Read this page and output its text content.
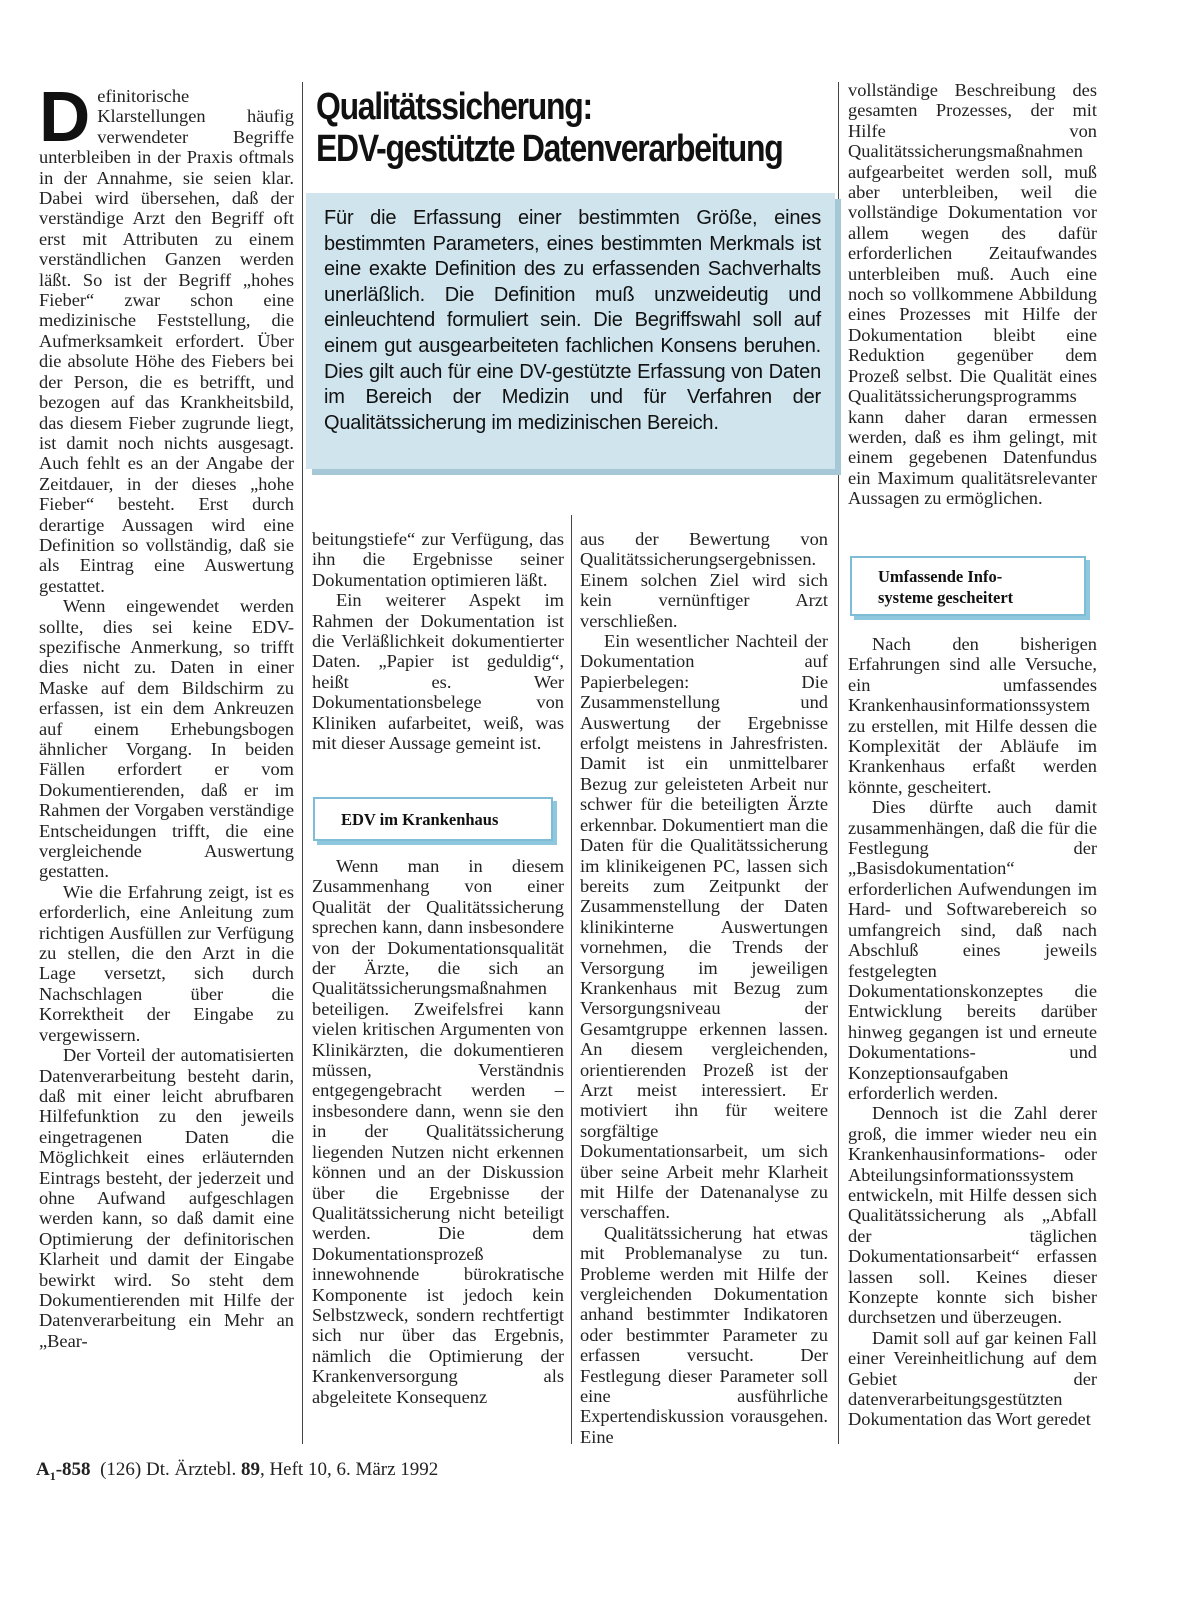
Qualitätssicherung:
EDV-gestützte Datenverarbeitung
Für die Erfassung einer bestimmten Größe, eines bestimmten Parameters, eines bestimmten Merkmals ist eine exakte Definition des zu erfassenden Sachverhalts unerläßlich. Die Definition muß unzweideutig und einleuchtend formuliert sein. Die Begriffswahl soll auf einem gut ausgearbeiteten fachlichen Konsens beruhen. Dies gilt auch für eine DV-gestützte Erfassung von Daten im Bereich der Medizin und für Verfahren der Qualitätssicherung im medizinischen Bereich.

Definitorische Klarstellungen häufig verwendeter Begriffe unterbleiben in der Praxis oftmals in der Annahme, sie seien klar. Dabei wird übersehen, daß der verständige Arzt den Begriff oft erst mit Attributen zu einem verständlichen Ganzen werden läßt. So ist der Begriff „hohes Fieber“ zwar schon eine medizinische Feststellung, die Aufmerksamkeit erfordert. Über die absolute Höhe des Fiebers bei der Person, die es betrifft, und bezogen auf das Krankheitsbild, das diesem Fieber zugrunde liegt, ist damit noch nichts ausgesagt. Auch fehlt es an der Angabe der Zeitdauer, in der dieses „hohe Fieber“ besteht. Erst durch derartige Aussagen wird eine Definition so vollständig, daß sie als Eintrag eine Auswertung gestattet.

Wenn eingewendet werden sollte, dies sei keine EDV-spezifische Anmerkung, so trifft dies nicht zu. Daten in einer Maske auf dem Bildschirm zu erfassen, ist ein dem Ankreuzen auf einem Erhebungsbogen ähnlicher Vorgang. In beiden Fällen erfordert er vom Dokumentierenden, daß er im Rahmen der Vorgaben verständige Entscheidungen trifft, die eine vergleichende Auswertung gestatten.

Wie die Erfahrung zeigt, ist es erforderlich, eine Anleitung zum richtigen Ausfüllen zur Verfügung zu stellen, die den Arzt in die Lage versetzt, sich durch Nachschlagen über die Korrektheit der Eingabe zu vergewissern.

Der Vorteil der automatisierten Datenverarbeitung besteht darin, daß mit einer leicht abrufbaren Hilfefunktion zu den jeweils eingetragenen Daten die Möglichkeit eines erläuternden Eintrags besteht, der jederzeit und ohne Aufwand aufgeschlagen werden kann, so daß damit eine Optimierung der definitorischen Klarheit und damit der Eingabe bewirkt wird. So steht dem Dokumentierenden mit Hilfe der Datenverarbeitung ein Mehr an „Bear-

beitungstiefe“ zur Verfügung, das ihn die Ergebnisse seiner Dokumentation optimieren läßt.

Ein weiterer Aspekt im Rahmen der Dokumentation ist die Verläßlichkeit dokumentierter Daten. „Papier ist geduldig“, heißt es. Wer Dokumentationsbelege von Kliniken aufarbeitet, weiß, was mit dieser Aussage gemeint ist.

EDV im Krankenhaus

Wenn man in diesem Zusammenhang von einer Qualität der Qualitätssicherung sprechen kann, dann insbesondere von der Dokumentationsqualität der Ärzte, die sich an Qualitätssicherungsmaßnahmen beteiligen. Zweifelsfrei kann vielen kritischen Argumenten von Klinikärzten, die dokumentieren müssen, Verständnis entgegengebracht werden – insbesondere dann, wenn sie den in der Qualitätssicherung liegenden Nutzen nicht erkennen können und an der Diskussion über die Ergebnisse der Qualitätssicherung nicht beteiligt werden. Die dem Dokumentationsprozeß innewohnende bürokratische Komponente ist jedoch kein Selbstzweck, sondern rechtfertigt sich nur über das Ergebnis, nämlich die Optimierung der Krankenversorgung als abgeleitete Konsequenz

aus der Bewertung von Qualitätssicherungsergebnissen. Einem solchen Ziel wird sich kein vernünftiger Arzt verschließen.

Ein wesentlicher Nachteil der Dokumentation auf Papierbelegen: Die Zusammenstellung und Auswertung der Ergebnisse erfolgt meistens in Jahresfristen. Damit ist ein unmittelbarer Bezug zur geleisteten Arbeit nur schwer für die beteiligten Ärzte erkennbar. Dokumentiert man die Daten für die Qualitätssicherung im klinikeigenen PC, lassen sich bereits zum Zeitpunkt der Zusammenstellung der Daten klinikinterne Auswertungen vornehmen, die Trends der Versorgung im jeweiligen Krankenhaus mit Bezug zum Versorgungsniveau der Gesamtgruppe erkennen lassen. An diesem vergleichenden, orientierenden Prozeß ist der Arzt meist interessiert. Er motiviert ihn für weitere sorgfältige Dokumentationsarbeit, um sich über seine Arbeit mehr Klarheit mit Hilfe der Datenanalyse zu verschaffen.

Qualitätssicherung hat etwas mit Problemanalyse zu tun. Probleme werden mit Hilfe der vergleichenden Dokumentation anhand bestimmter Indikatoren oder bestimmter Parameter zu erfassen versucht. Der Festlegung dieser Parameter soll eine ausführliche Expertendiskussion vorausgehen. Eine

vollständige Beschreibung des gesamten Prozesses, der mit Hilfe von Qualitätssicherungsmaßnahmen aufgearbeitet werden soll, muß aber unterbleiben, weil die vollständige Dokumentation vor allem wegen des dafür erforderlichen Zeitaufwandes unterbleiben muß. Auch eine noch so vollkommene Abbildung eines Prozesses mit Hilfe der Dokumentation bleibt eine Reduktion gegenüber dem Prozeß selbst. Die Qualität eines Qualitätssicherungsprogramms kann daher daran ermessen werden, daß es ihm gelingt, mit einem gegebenen Datenfundus ein Maximum qualitätsrelevanter Aussagen zu ermöglichen.

Umfassende Info-
systeme gescheitert

Nach den bisherigen Erfahrungen sind alle Versuche, ein umfassendes Krankenhausinformationssystem zu erstellen, mit Hilfe dessen die Komplexität der Abläufe im Krankenhaus erfaßt werden könnte, gescheitert.

Dies dürfte auch damit zusammenhängen, daß die für die Festlegung der „Basisdokumentation“ erforderlichen Aufwendungen im Hard- und Softwarebereich so umfangreich sind, daß nach Abschluß eines jeweils festgelegten Dokumentationskonzeptes die Entwicklung bereits darüber hinweg gegangen ist und erneute Dokumentations- und Konzeptionsaufgaben erforderlich werden.

Dennoch ist die Zahl derer groß, die immer wieder neu ein Krankenhausinformations- oder Abteilungsinformationssystem entwickeln, mit Hilfe dessen sich Qualitätssicherung als „Abfall der täglichen Dokumentationsarbeit“ erfassen lassen soll. Keines dieser Konzepte konnte sich bisher durchsetzen und überzeugen.

Damit soll auf gar keinen Fall einer Vereinheitlichung auf dem Gebiet der datenverarbeitungsgestützten Dokumentation das Wort geredet

$A_1-858$ (126) Dt. Ärztebl. 89, Heft 10, 6. März 1992
